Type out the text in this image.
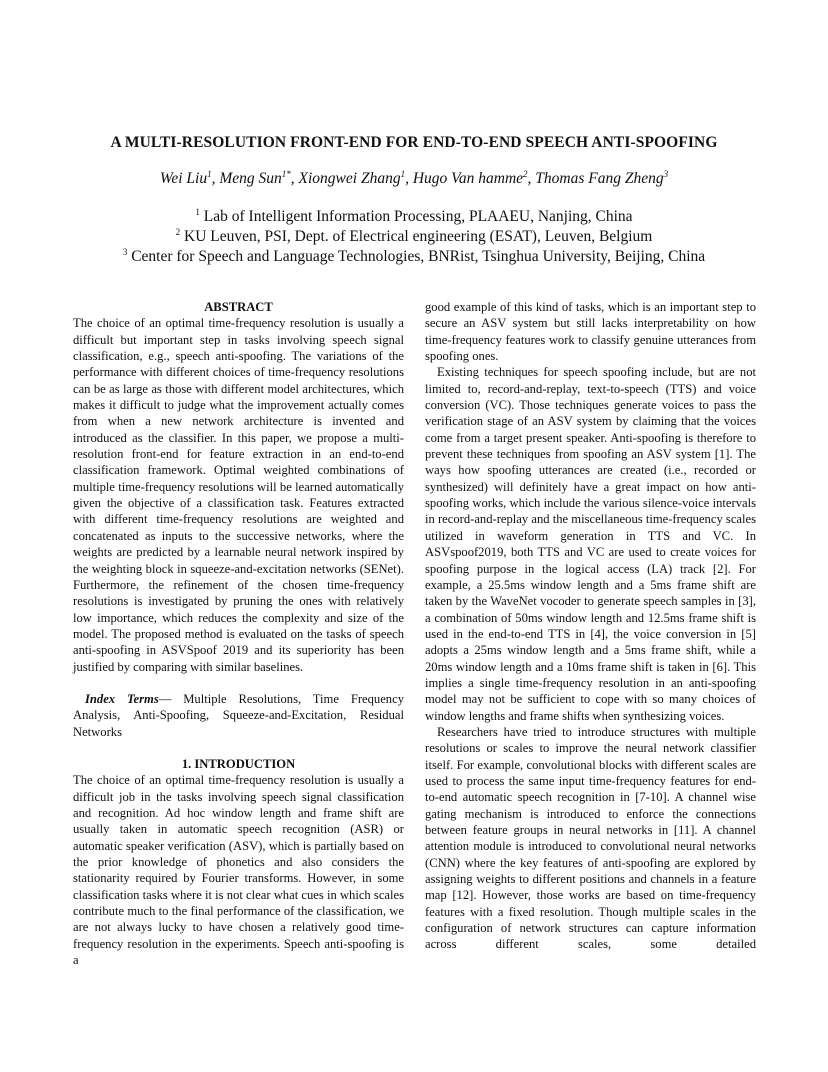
A MULTI-RESOLUTION FRONT-END FOR END-TO-END SPEECH ANTI-SPOOFING
Wei Liu$^1$, Meng Sun$^{1*}$, Xiongwei Zhang$^1$, Hugo Van hamme$^2$, Thomas Fang Zheng$^3$
$^1$ Lab of Intelligent Information Processing, PLAAEU, Nanjing, China
$^2$ KU Leuven, PSI, Dept. of Electrical engineering (ESAT), Leuven, Belgium
$^3$ Center for Speech and Language Technologies, BNRist, Tsinghua University, Beijing, China

ABSTRACT

The choice of an optimal time-frequency resolution is usually a difficult but important step in tasks involving speech signal classification, e.g., speech anti-spoofing. The variations of the performance with different choices of time-frequency resolutions can be as large as those with different model architectures, which makes it difficult to judge what the improvement actually comes from when a new network architecture is invented and introduced as the classifier. In this paper, we propose a multi-resolution front-end for feature extraction in an end-to-end classification framework. Optimal weighted combinations of multiple time-frequency resolutions will be learned automatically given the objective of a classification task. Features extracted with different time-frequency resolutions are weighted and concatenated as inputs to the successive networks, where the weights are predicted by a learnable neural network inspired by the weighting block in squeeze-and-excitation networks (SENet). Furthermore, the refinement of the chosen time-frequency resolutions is investigated by pruning the ones with relatively low importance, which reduces the complexity and size of the model. The proposed method is evaluated on the tasks of speech anti-spoofing in ASVSpoof 2019 and its superiority has been justified by comparing with similar baselines.

Index Terms— Multiple Resolutions, Time Frequency Analysis, Anti-Spoofing, Squeeze-and-Excitation, Residual Networks

1. INTRODUCTION

The choice of an optimal time-frequency resolution is usually a difficult job in the tasks involving speech signal classification and recognition. Ad hoc window length and frame shift are usually taken in automatic speech recognition (ASR) or automatic speaker verification (ASV), which is partially based on the prior knowledge of phonetics and also considers the stationarity required by Fourier transforms. However, in some classification tasks where it is not clear what cues in which scales contribute much to the final performance of the classification, we are not always lucky to have chosen a relatively good time-frequency resolution in the experiments. Speech anti-spoofing is a

good example of this kind of tasks, which is an important step to secure an ASV system but still lacks interpretability on how time-frequency features work to classify genuine utterances from spoofing ones.

Existing techniques for speech spoofing include, but are not limited to, record-and-replay, text-to-speech (TTS) and voice conversion (VC). Those techniques generate voices to pass the verification stage of an ASV system by claiming that the voices come from a target present speaker. Anti-spoofing is therefore to prevent these techniques from spoofing an ASV system [1]. The ways how spoofing utterances are created (i.e., recorded or synthesized) will definitely have a great impact on how anti-spoofing works, which include the various silence-voice intervals in record-and-replay and the miscellaneous time-frequency scales utilized in waveform generation in TTS and VC. In ASVspoof2019, both TTS and VC are used to create voices for spoofing purpose in the logical access (LA) track [2]. For example, a 25.5ms window length and a 5ms frame shift are taken by the WaveNet vocoder to generate speech samples in [3], a combination of 50ms window length and 12.5ms frame shift is used in the end-to-end TTS in [4], the voice conversion in [5] adopts a 25ms window length and a 5ms frame shift, while a 20ms window length and a 10ms frame shift is taken in [6]. This implies a single time-frequency resolution in an anti-spoofing model may not be sufficient to cope with so many choices of window lengths and frame shifts when synthesizing voices.

Researchers have tried to introduce structures with multiple resolutions or scales to improve the neural network classifier itself. For example, convolutional blocks with different scales are used to process the same input time-frequency features for end-to-end automatic speech recognition in [7-10]. A channel wise gating mechanism is introduced to enforce the connections between feature groups in neural networks in [11]. A channel attention module is introduced to convolutional neural networks (CNN) where the key features of anti-spoofing are explored by assigning weights to different positions and channels in a feature map [12]. However, those works are based on time-frequency features with a fixed resolution. Though multiple scales in the configuration of network structures can capture information across different scales, some detailed
